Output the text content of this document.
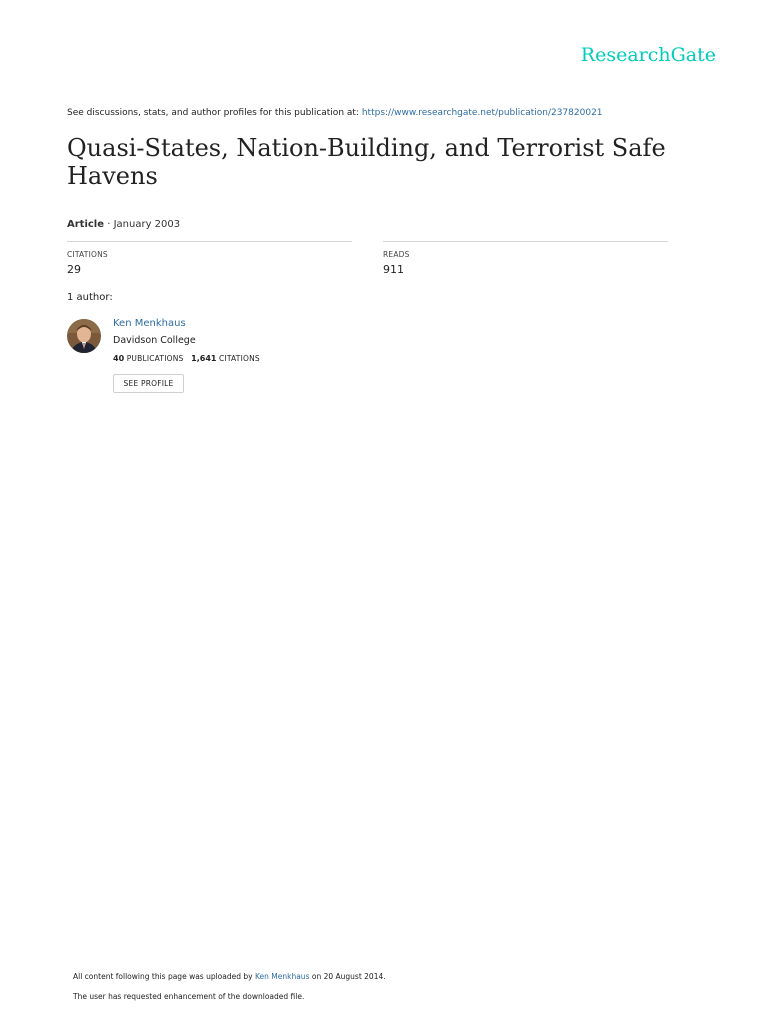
ResearchGate
See discussions, stats, and author profiles for this publication at: https://www.researchgate.net/publication/237820021
Quasi-States, Nation-Building, and Terrorist Safe Havens
Article · January 2003
CITATIONS
29
READS
911
1 author:
Ken Menkhaus
Davidson College
40 PUBLICATIONS 1,641 CITATIONS
SEE PROFILE
All content following this page was uploaded by Ken Menkhaus on 20 August 2014.
The user has requested enhancement of the downloaded file.
